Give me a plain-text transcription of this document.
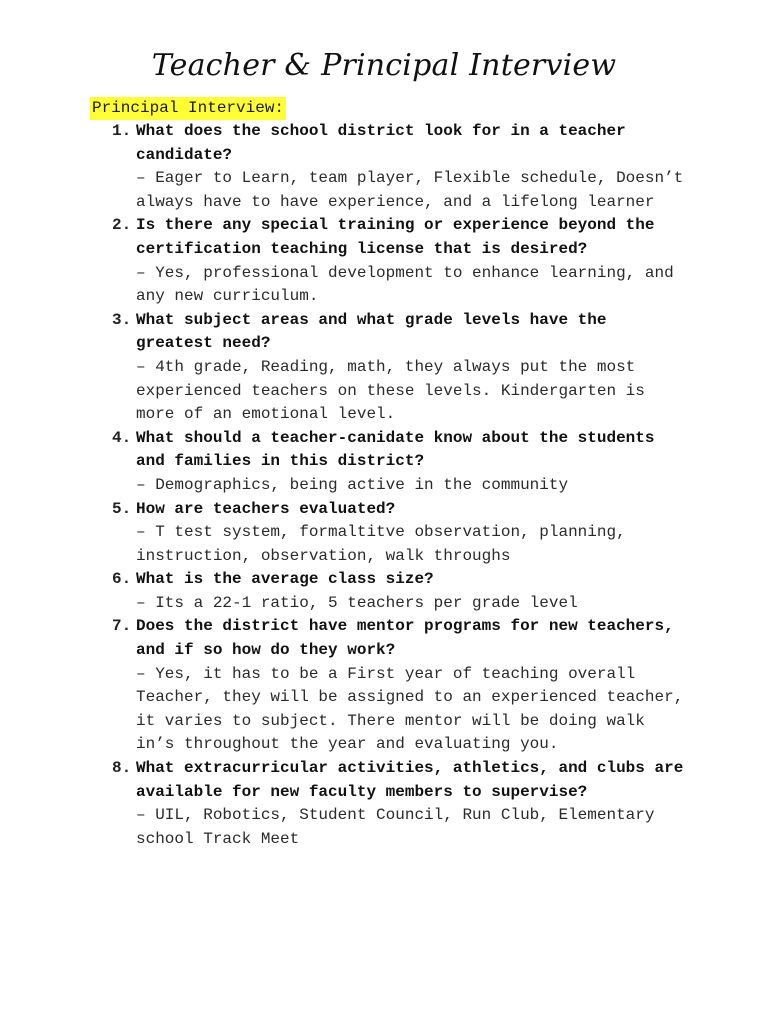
Teacher & Principal Interview
Principal Interview:
1. What does the school district look for in a teacher candidate?

– Eager to Learn, team player, Flexible schedule, Doesn’t always have to have experience, and a lifelong learner

2. Is there any special training or experience beyond the certification teaching license that is desired?

– Yes, professional development to enhance learning, and any new curriculum.

3. What subject areas and what grade levels have the greatest need?

– 4th grade, Reading, math, they always put the most experienced teachers on these levels. Kindergarten is more of an emotional level.

4. What should a teacher-canidate know about the students and families in this district?

– Demographics, being active in the community

5. How are teachers evaluated?

– T test system, formaltitve observation, planning, instruction, observation, walk throughs

6. What is the average class size?

– Its a 22-1 ratio, 5 teachers per grade level

7. Does the district have mentor programs for new teachers, and if so how do they work?

– Yes, it has to be a First year of teaching overall Teacher, they will be assigned to an experienced teacher, it varies to subject. There mentor will be doing walk in’s throughout the year and evaluating you.

8. What extracurricular activities, athletics, and clubs are available for new faculty members to supervise?

– UIL, Robotics, Student Council, Run Club, Elementary school Track Meet
